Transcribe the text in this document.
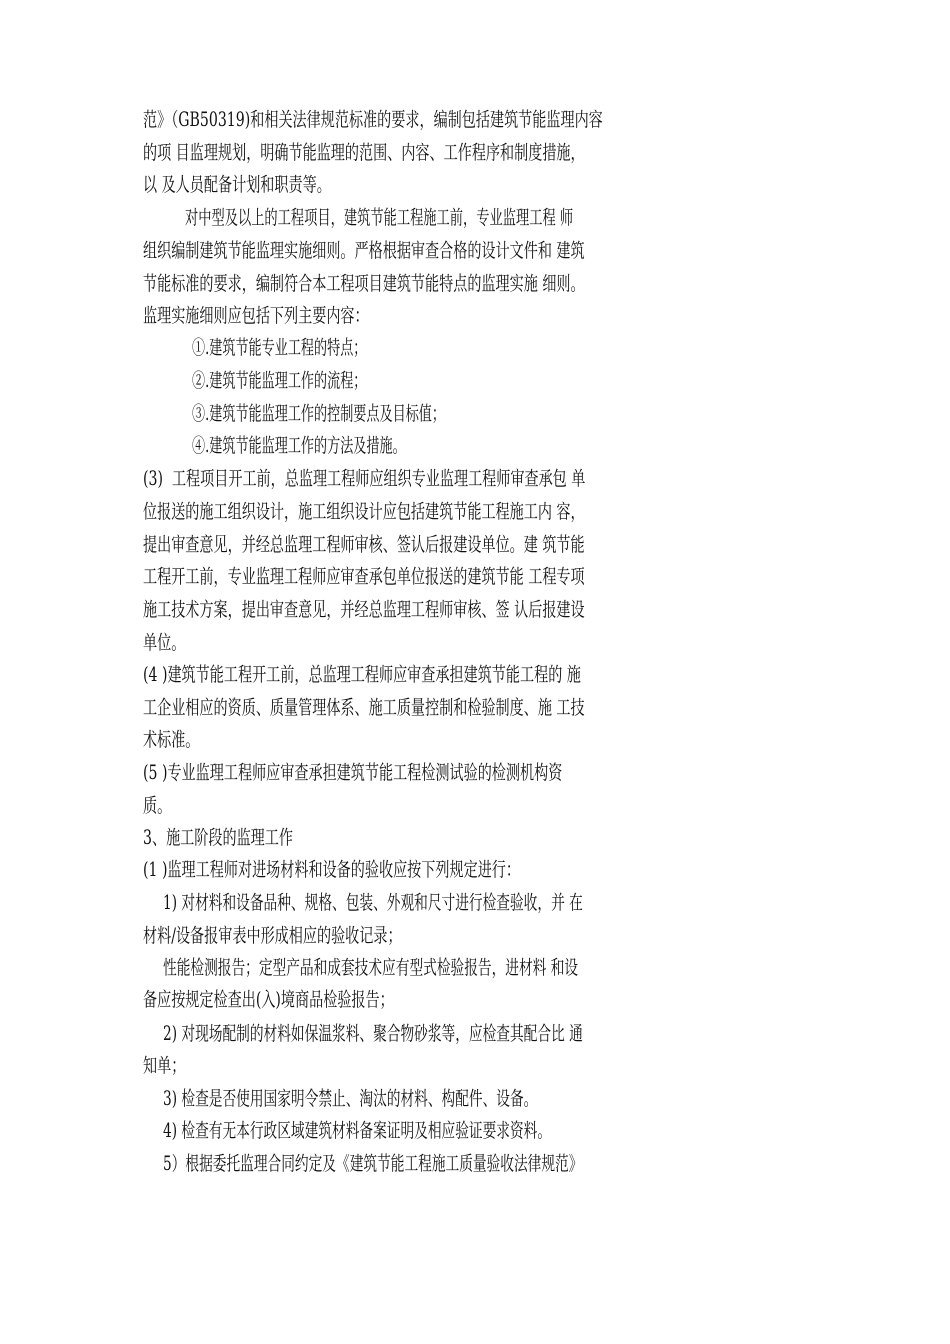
范》（GB50319)和相关法律规范标准的要求，编制包括建筑节能监理内容
的项 目监理规划，明确节能监理的范围、内容、工作程序和制度措施，
以 及人员配备计划和职责等。
对中型及以上的工程项目，建筑节能工程施工前，专业监理工程 师
组织编制建筑节能监理实施细则。严格根据审查合格的设计文件和 建筑
节能标准的要求，编制符合本工程项目建筑节能特点的监理实施 细则。
监理实施细则应包括下列主要内容：
①.建筑节能专业工程的特点；
②.建筑节能监理工作的流程；
③.建筑节能监理工作的控制要点及目标值；
④.建筑节能监理工作的方法及措施。
(3)  工程项目开工前，总监理工程师应组织专业监理工程师审查承包 单
位报送的施工组织设计，施工组织设计应包括建筑节能工程施工内 容，
提出审查意见，并经总监理工程师审核、签认后报建设单位。建 筑节能
工程开工前，专业监理工程师应审查承包单位报送的建筑节能 工程专项
施工技术方案，提出审查意见，并经总监理工程师审核、签 认后报建设
单位。
(4 )建筑节能工程开工前，总监理工程师应审查承担建筑节能工程的 施
工企业相应的资质、质量管理体系、施工质量控制和检验制度、施 工技
术标准。
(5 )专业监理工程师应审查承担建筑节能工程检测试验的检测机构资
质。
3、施工阶段的监理工作
(1 )监理工程师对进场材料和设备的验收应按下列规定进行：
1) 对材料和设备品种、规格、包装、外观和尺寸进行检查验收，并 在
材料/设备报审表中形成相应的验收记录；
性能检测报告；定型产品和成套技术应有型式检验报告，进材料 和设
备应按规定检查出(入)境商品检验报告；
2) 对现场配制的材料如保温浆料、聚合物砂浆等，应检查其配合比 通
知单；
3) 检查是否使用国家明令禁止、淘汰的材料、构配件、设备。
4) 检查有无本行政区域建筑材料备案证明及相应验证要求资料。
5）根据委托监理合同约定及《建筑节能工程施工质量验收法律规范》
